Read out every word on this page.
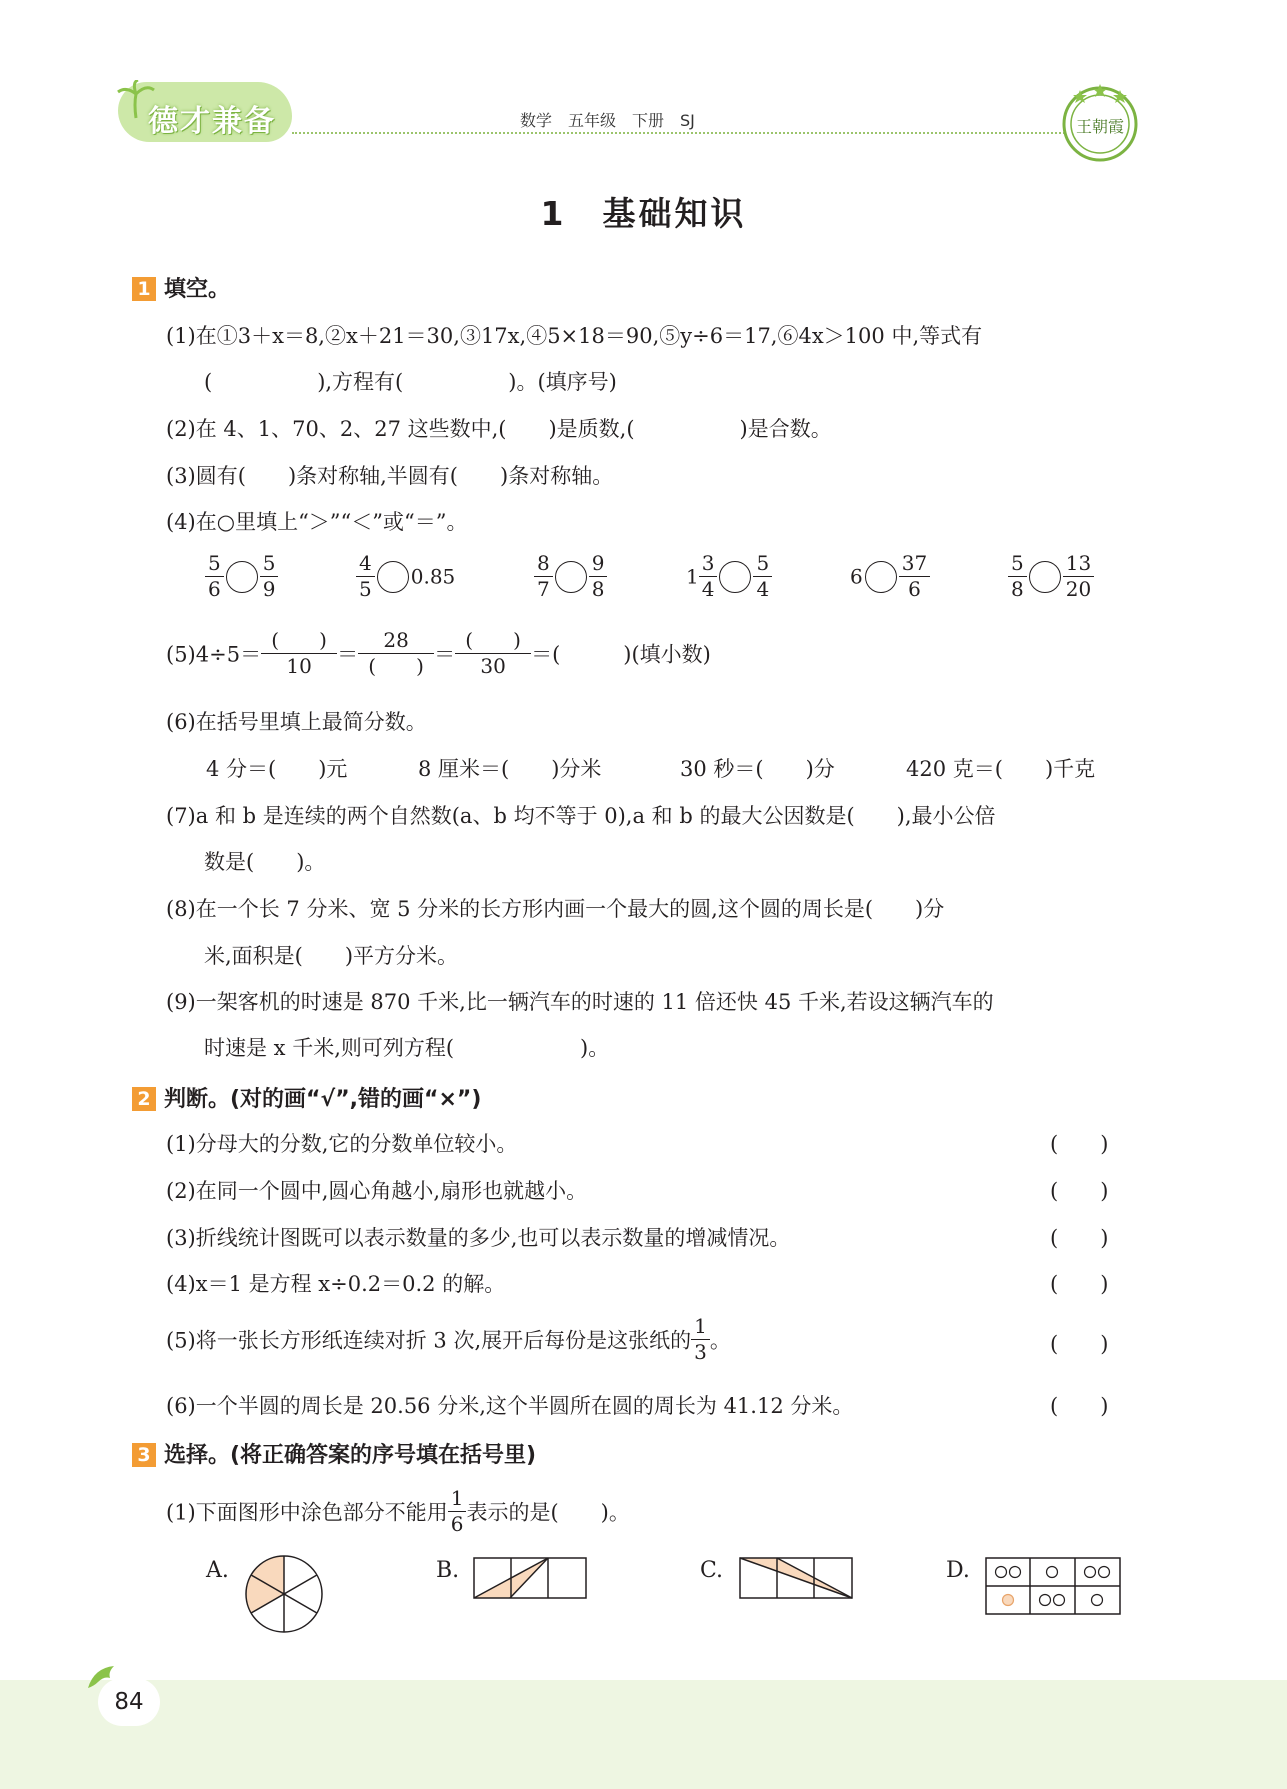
德才兼备	数学　五年级　下册　SJ	王朝霞
1　基础知识
1 填空。
(1)在①3＋x＝8,②x＋21＝30,③17x,④5×18＝90,⑤y÷6＝17,⑥4x＞100 中,等式有
(　　　　　),方程有(　　　　　)。(填序号)
(2)在 4、1、70、2、27 这些数中,(　　)是质数,(　　　　　)是合数。
(3)圆有(　　)条对称轴,半圆有(　　)条对称轴。
(4)在○里填上“＞”“＜”或“＝”。
$\frac{5}{6} \frac{5}{9}$	$\frac{4}{5} 0.85$	$\frac{8}{7} \frac{9}{8}$	$1 \frac{3}{4} \frac{5}{4}$	$6 \frac{37}{6}$	$\frac{5}{8} \frac{13}{20}$
$(5)4\div 5= \frac{( )}{10} = \frac{28}{( )} = \frac{( )}{30}$ ＝(　　　)(填小数)
(6)在括号里填上最简分数。
4 分＝(　　)元	8 厘米＝(　　)分米	30 秒＝(　　)分	420 克＝(　　)千克
(7)a 和 b 是连续的两个自然数(a、b 均不等于 0),a 和 b 的最大公因数是(　　),最小公倍
数是(　　)。
(8)在一个长 7 分米、宽 5 分米的长方形内画一个最大的圆,这个圆的周长是(　　)分
米,面积是(　　)平方分米。
(9)一架客机的时速是 870 千米,比一辆汽车的时速的 11 倍还快 45 千米,若设这辆汽车的
时速是 x 千米,则可列方程(　　　　　　)。
2 判断。(对的画“√”,错的画“×”)
(1)分母大的分数,它的分数单位较小。	(　　)
(2)在同一个圆中,圆心角越小,扇形也就越小。	(　　)
(3)折线统计图既可以表示数量的多少,也可以表示数量的增减情况。	(　　)
(4)x＝1 是方程 x÷0.2＝0.2 的解。	(　　)
(5)将一张长方形纸连续对折 3 次,展开后每份是这张纸的 $\frac{1}{3}$ 。	(　　)
(6)一个半圆的周长是 20.56 分米,这个半圆所在圆的周长为 41.12 分米。	(　　)
3 选择。(将正确答案的序号填在括号里)
(1)下面图形中涂色部分不能用 $\frac{1}{6}$ 表示的是(　　)。
A.	B.	C.	D.
84
